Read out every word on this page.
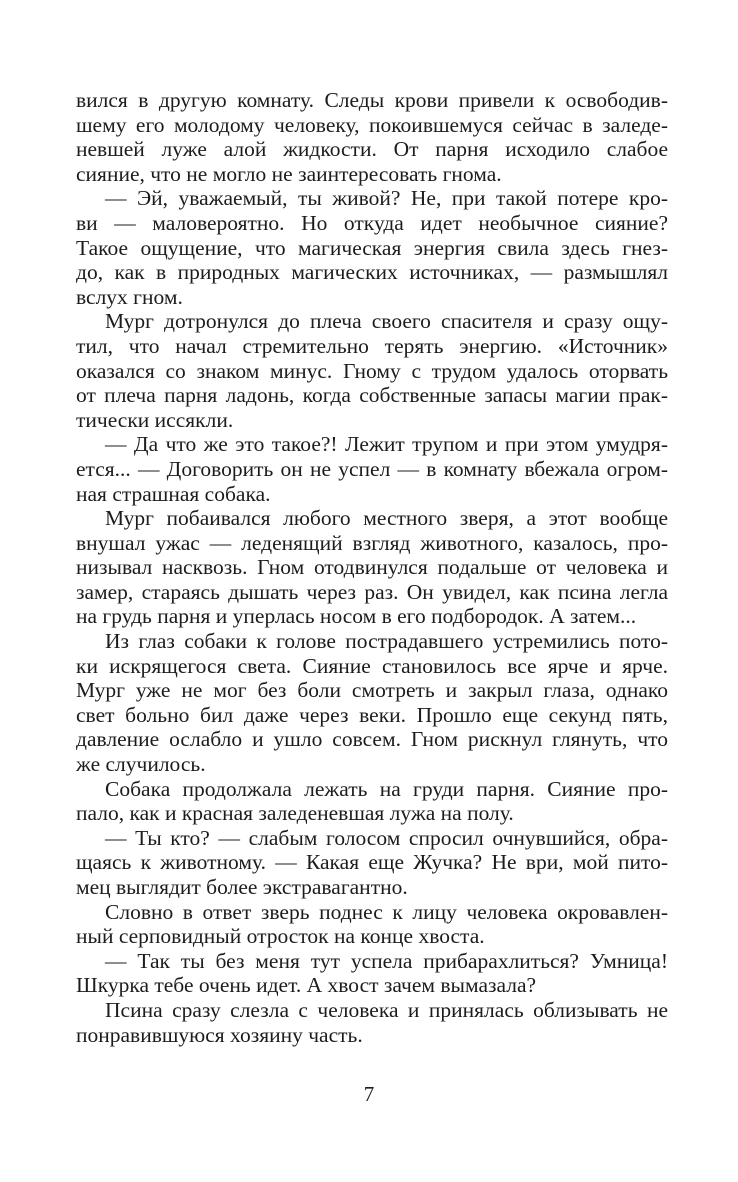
вился в другую комнату. Следы крови привели к освободив-
шему его молодому человеку, покоившемуся сейчас в заледе-
невшей луже алой жидкости. От парня исходило слабое
сияние, что не могло не заинтересовать гнома.
— Эй, уважаемый, ты живой? Не, при такой потере кро-
ви — маловероятно. Но откуда идет необычное сияние?
Такое ощущение, что магическая энергия свила здесь гнез-
до, как в природных магических источниках, — размышлял
вслух гном.
Мург дотронулся до плеча своего спасителя и сразу ощу-
тил, что начал стремительно терять энергию. «Источник»
оказался со знаком минус. Гному с трудом удалось оторвать
от плеча парня ладонь, когда собственные запасы магии прак-
тически иссякли.
— Да что же это такое?! Лежит трупом и при этом умудря-
ется... — Договорить он не успел — в комнату вбежала огром-
ная страшная собака.
Мург побаивался любого местного зверя, а этот вообще
внушал ужас — леденящий взгляд животного, казалось, про-
низывал насквозь. Гном отодвинулся подальше от человека и
замер, стараясь дышать через раз. Он увидел, как псина легла
на грудь парня и уперлась носом в его подбородок. А затем...
Из глаз собаки к голове пострадавшего устремились пото-
ки искрящегося света. Сияние становилось все ярче и ярче.
Мург уже не мог без боли смотреть и закрыл глаза, однако
свет больно бил даже через веки. Прошло еще секунд пять,
давление ослабло и ушло совсем. Гном рискнул глянуть, что
же случилось.
Собака продолжала лежать на груди парня. Сияние про-
пало, как и красная заледеневшая лужа на полу.
— Ты кто? — слабым голосом спросил очнувшийся, обра-
щаясь к животному. — Какая еще Жучка? Не ври, мой пито-
мец выглядит более экстравагантно.
Словно в ответ зверь поднес к лицу человека окровавлен-
ный серповидный отросток на конце хвоста.
— Так ты без меня тут успела прибарахлиться? Умница!
Шкурка тебе очень идет. А хвост зачем вымазала?
Псина сразу слезла с человека и принялась облизывать не
понравившуюся хозяину часть.
7
